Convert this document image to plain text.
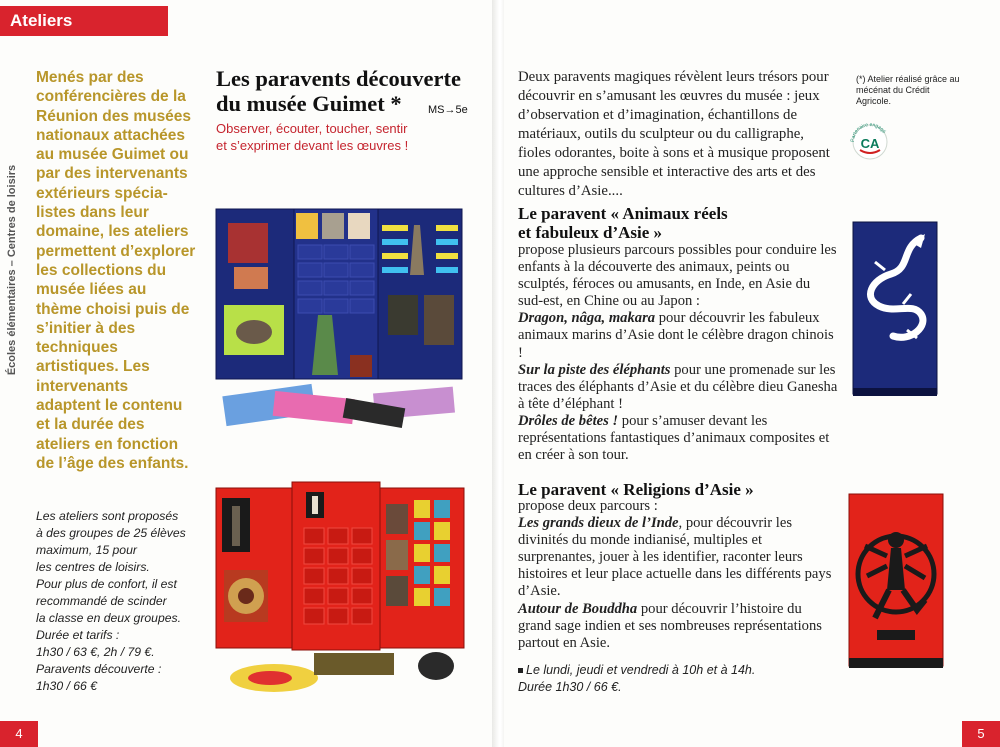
Ateliers
Écoles élémentaires – Centres de loisirs
Menés par des conférencières de la Réunion des musées nationaux attachées au musée Guimet ou par des intervenants extérieurs spécia-listes dans leur domaine, les ateliers permettent d’explorer les collections du musée liées au thème choisi puis de s’initier à des techniques artistiques. Les intervenants adaptent le contenu et la durée des ateliers en fonction de l’âge des enfants.
Les ateliers sont proposés
à des groupes de 25 élèves
maximum, 15 pour
les centres de loisirs.
Pour plus de confort, il est
recommandé de scinder
la classe en deux groupes.
Durée et tarifs :
1h30 / 63 €, 2h / 79 €.
Paravents découverte :
1h30 / 66 €
Les paravents découverte
du musée Guimet *	MS→5e
Observer, écouter, toucher, sentir
et s’exprimer devant les œuvres !
4
Deux paravents magiques révèlent leurs trésors pour découvrir en s’amusant les œuvres du musée : jeux d’observation et d’imagination, échantillons de matériaux, outils du sculpteur ou du calligraphe, fioles odorantes, boite à sons et à musique proposent une approche sensible et interactive des arts et des cultures d’Asie....
(*) Atelier réalisé grâce au mécénat du Crédit Agricole.
Partenaire engagé
CA
Le paravent « Animaux réels
et fabuleux d’Asie »

propose plusieurs parcours possibles pour conduire les enfants à la découverte des animaux, peints ou sculptés, féroces ou amusants, en Inde, en Asie du sud-est, en Chine ou au Japon :

Dragon, nâga, makara pour découvrir les fabuleux animaux marins d’Asie dont le célèbre dragon chinois !

Sur la piste des éléphants pour une promenade sur les traces des éléphants d’Asie et du célèbre dieu Ganesha à tête d’éléphant !

Drôles de bêtes ! pour s’amuser devant les représentations fantastiques d’animaux composites et en créer à son tour.

Le paravent « Religions d’Asie »

propose deux parcours :

Les grands dieux de l’Inde, pour découvrir les divinités du monde indianisé, multiples et surprenantes, jouer à les identifier, raconter leurs histoires et leur place actuelle dans les différents pays d’Asie.

Autour de Bouddha pour découvrir l’histoire du grand sage indien et ses nombreuses représentations partout en Asie.

Le lundi, jeudi et vendredi à 10h et à 14h.
Durée 1h30 / 66 €.
5
